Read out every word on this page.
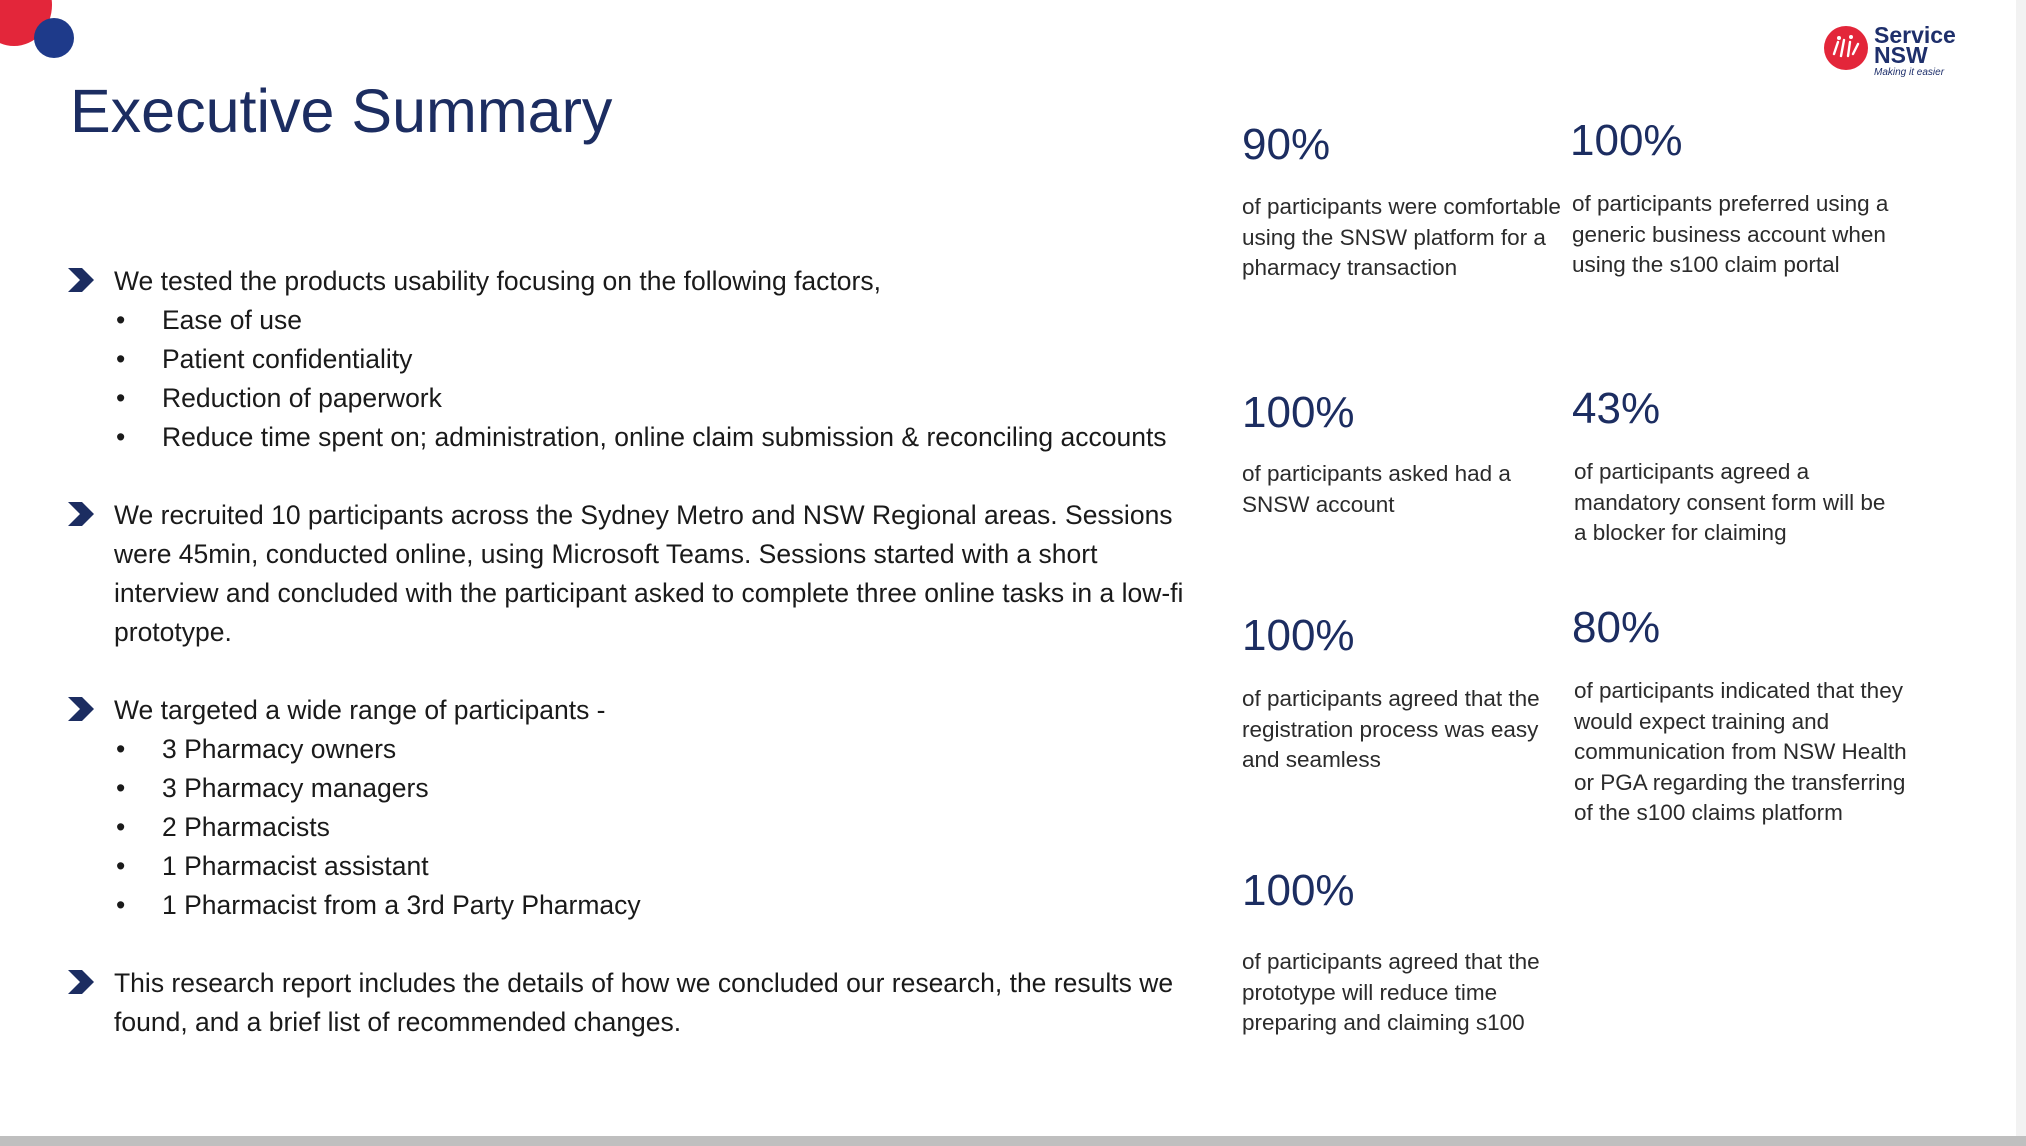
Service
NSW
Making it easier
Executive Summary

We tested the products usability focusing on the following factors,

• Ease of use
• Patient confidentiality
• Reduction of paperwork
• Reduce time spent on; administration, online claim submission & reconciling accounts

We recruited 10 participants across the Sydney Metro and NSW Regional areas. Sessions were 45min, conducted online, using Microsoft Teams. Sessions started with a short interview and concluded with the participant asked to complete three online tasks in a low-fi prototype.

We targeted a wide range of participants -

• 3 Pharmacy owners
• 3 Pharmacy managers
• 2 Pharmacists
• 1 Pharmacist assistant
• 1 Pharmacist from a 3rd Party Pharmacy

This research report includes the details of how we concluded our research, the results we found, and a brief list of recommended changes.

90%
of participants were comfortable using the SNSW platform for a pharmacy transaction
100%
of participants preferred using a generic business account when using the s100 claim portal
100%
of participants asked had a SNSW account
43%
of participants agreed a mandatory consent form will be a blocker for claiming
100%
of participants agreed that the registration process was easy and seamless
80%
of participants indicated that they would expect training and communication from NSW Health or PGA regarding the transferring of the s100 claims platform
100%
of participants agreed that the prototype will reduce time preparing and claiming s100
